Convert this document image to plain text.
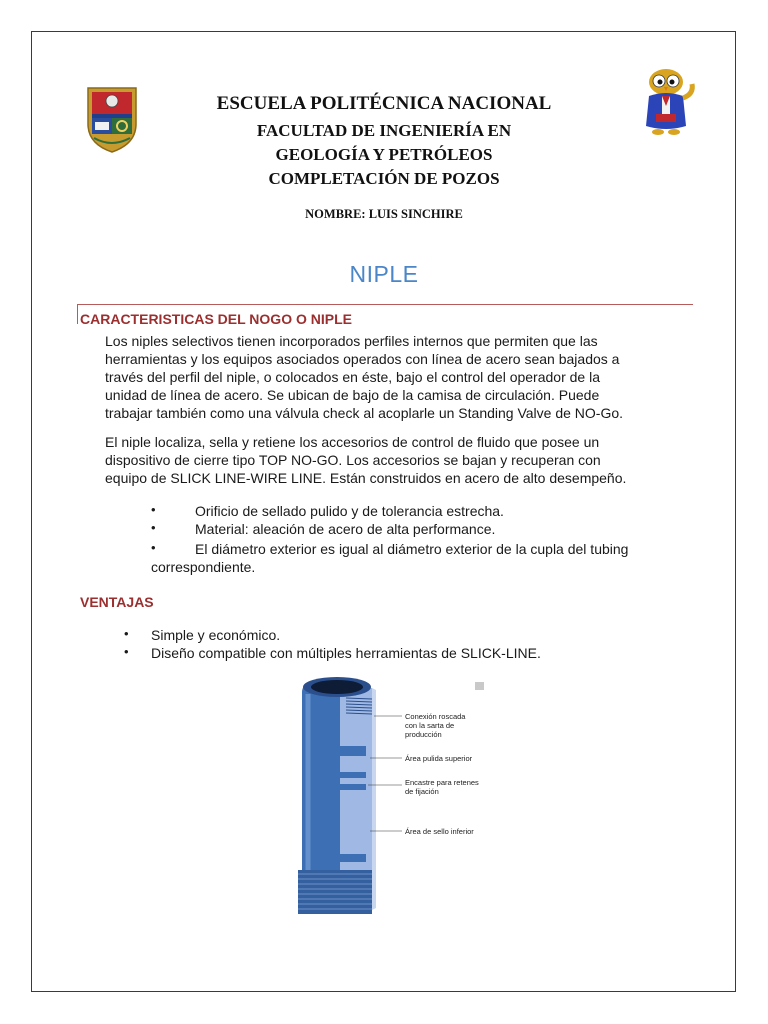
ESCUELA POLITÉCNICA NACIONAL
FACULTAD DE INGENIERÍA EN
GEOLOGÍA Y PETRÓLEOS
COMPLETACIÓN DE POZOS
NOMBRE: LUIS SINCHIRE
NIPLE
CARACTERISTICAS DEL NOGO O NIPLE
Los niples selectivos tienen incorporados perfiles internos que permiten que las
herramientas y los equipos asociados operados con línea de acero sean bajados a
través del perfil del niple, o colocados en éste, bajo el control del operador de la
unidad de línea de acero. Se ubican de bajo de la camisa de circulación. Puede
trabajar también como una válvula check al acoplarle un Standing Valve de NO-Go.
El niple localiza, sella y retiene los accesorios de control de fluido que posee un
dispositivo de cierre tipo TOP NO-GO. Los accesorios se bajan y recuperan con
equipo de SLICK LINE-WIRE LINE. Están construidos en acero de alto desempeño.
•	Orificio de sellado pulido y de tolerancia estrecha.
•	Material: aleación de acero de alta performance.
•	El diámetro exterior es igual al diámetro exterior de la cupla del tubing
correspondiente.
VENTAJAS
• Simple y económico.
• Diseño compatible con múltiples herramientas de SLICK-LINE.
Conexión roscada
con la sarta de
producción
Área pulida superior
Encastre para retenes
de fijación
Área de sello inferior
